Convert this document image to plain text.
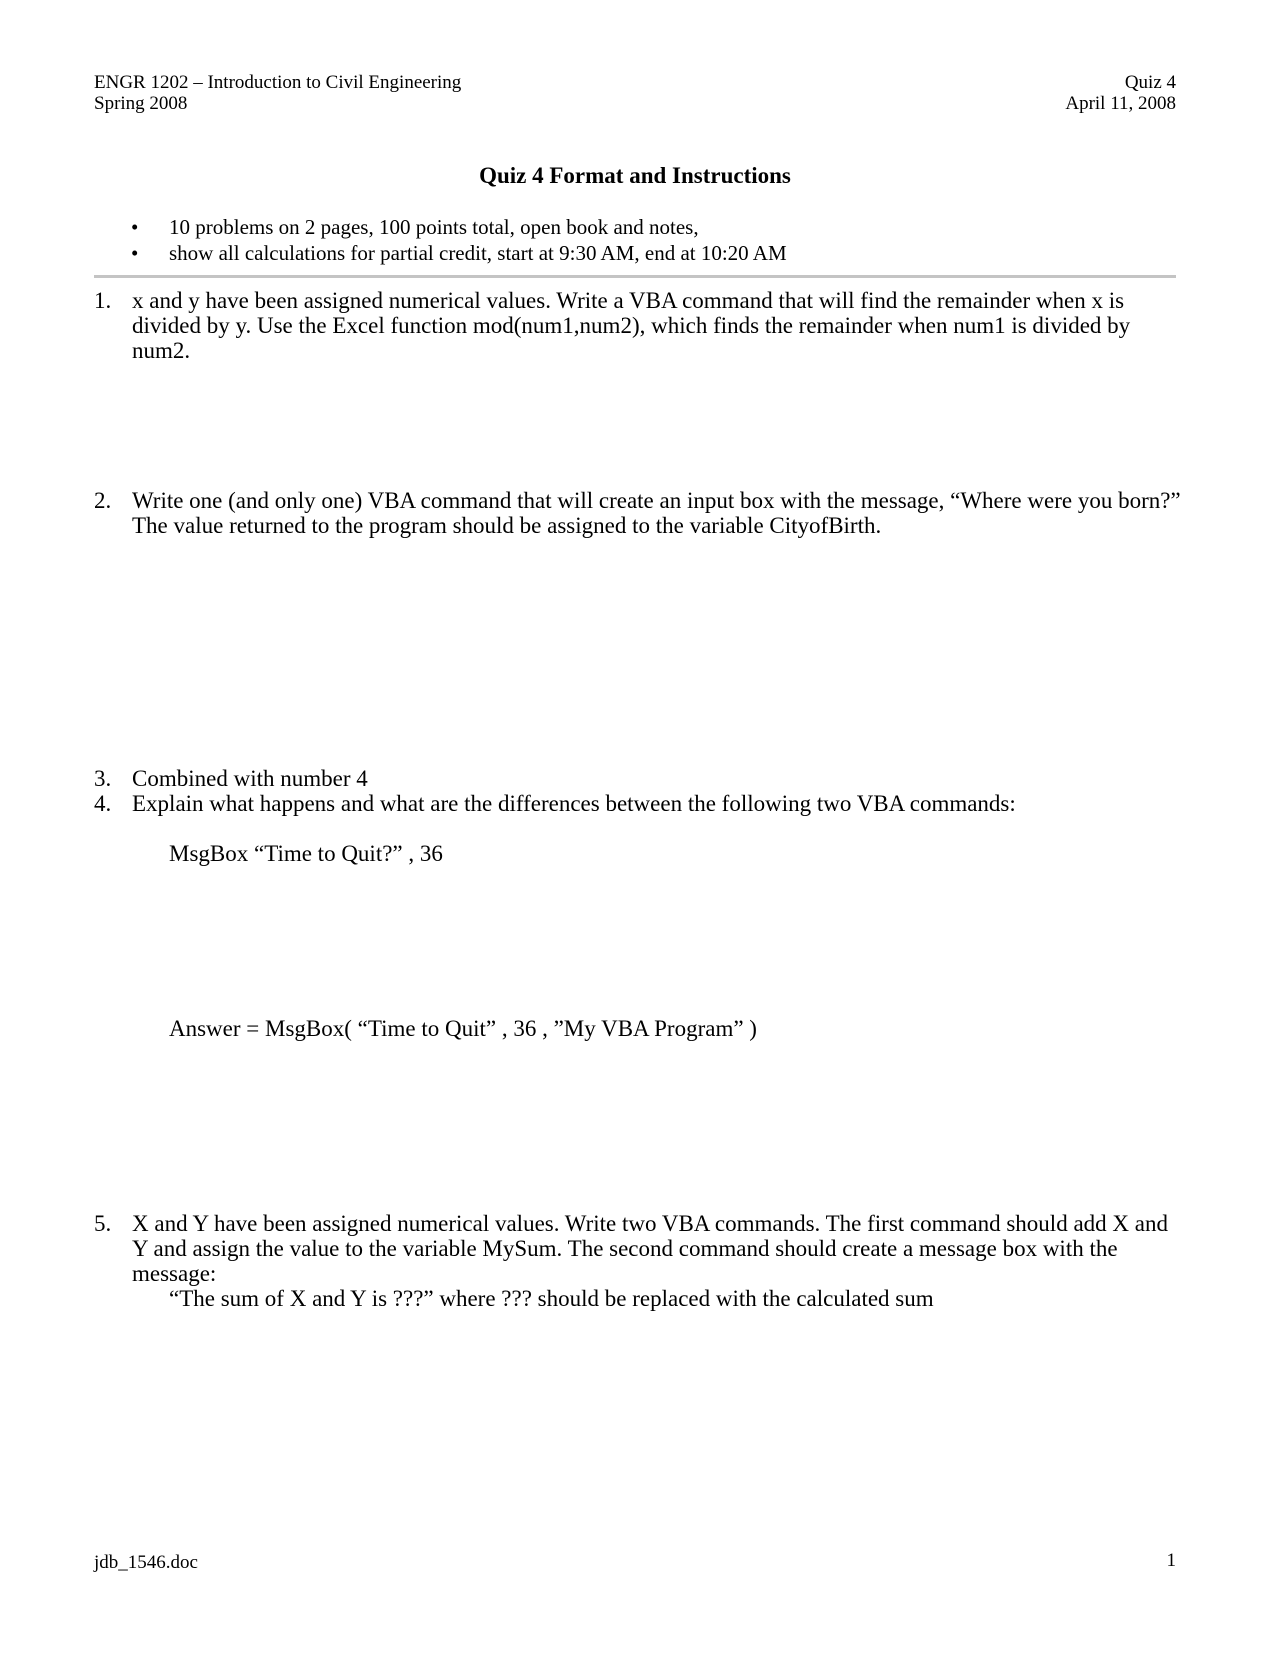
ENGR 1202 – Introduction to Civil Engineering
Spring 2008
Quiz 4
April 11, 2008
Quiz 4 Format and Instructions
•	10 problems on 2 pages, 100 points total, open book and notes,
•	show all calculations for partial credit, start at 9:30 AM, end at 10:20 AM
1. x and y have been assigned numerical values. Write a VBA command that will find the remainder when x is divided by y. Use the Excel function mod(num1,num2), which finds the remainder when num1 is divided by num2.
2. Write one (and only one) VBA command that will create an input box with the message, “Where were you born?” The value returned to the program should be assigned to the variable CityofBirth.
3. Combined with number 4
4. Explain what happens and what are the differences between the following two VBA commands:
MsgBox “Time to Quit?” , 36
Answer = MsgBox( “Time to Quit” , 36 , ”My VBA Program” )
5. X and Y have been assigned numerical values. Write two VBA commands. The first command should add X and Y and assign the value to the variable MySum. The second command should create a message box with the message:
“The sum of X and Y is ???” where ??? should be replaced with the calculated sum
jdb_1546.doc	1
